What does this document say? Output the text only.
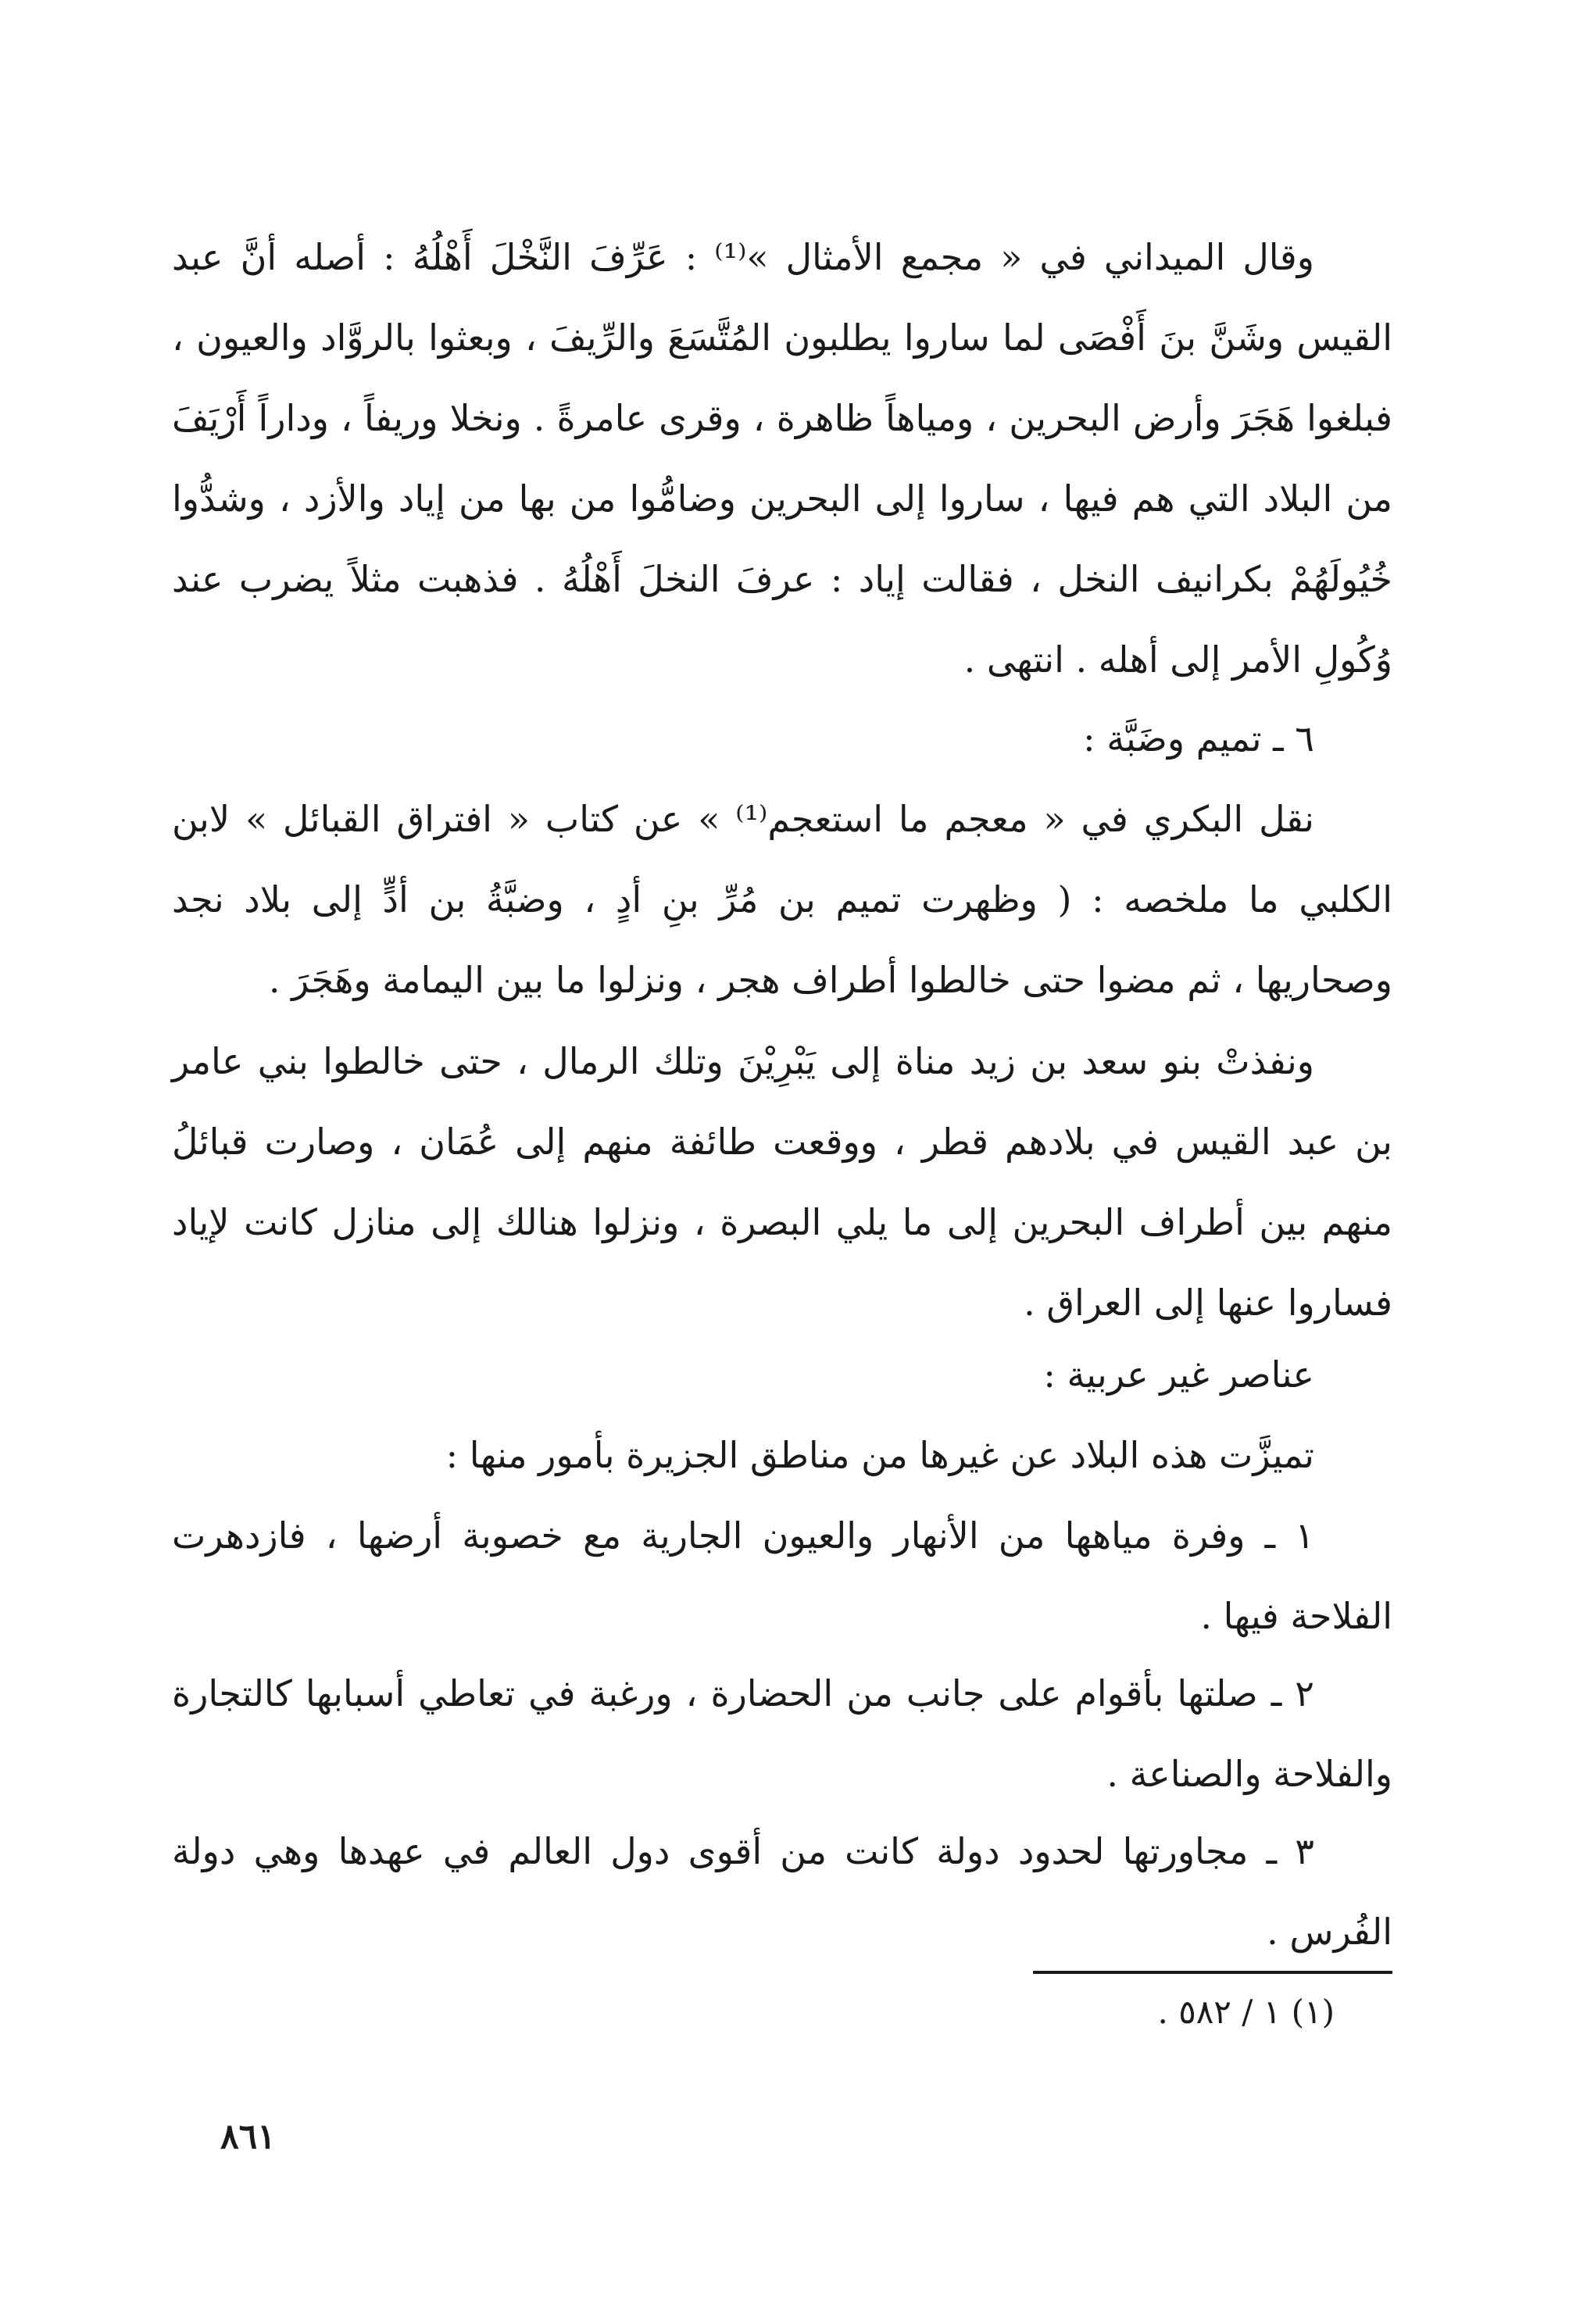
وقال الميداني في « مجمع الأمثال »⁽¹⁾ : عَرِّفَ النَّخْلَ أَهْلُهُ : أصله أنَّ عبد القيس وشَنَّ بنَ أَفْصَى لما ساروا يطلبون المُتَّسَعَ والرِّيفَ ، وبعثوا بالروَّاد والعيون ، فبلغوا هَجَرَ وأرض البحرين ، ومياهاً ظاهرة ، وقرى عامرةً . ونخلا وريفاً ، وداراً أَرْيَفَ من البلاد التي هم فيها ، ساروا إلى البحرين وضامُّوا من بها من إياد والأزد ، وشدُّوا خُيُولَهُمْ بكرانيف النخل ، فقالت إياد : عرفَ النخلَ أَهْلُهُ . فذهبت مثلاً يضرب عند وُكُولِ الأمر إلى أهله . انتهى .

٦ ـ تميم وضَبَّة :

نقل البكري في « معجم ما استعجم⁽¹⁾ » عن كتاب « افتراق القبائل » لابن الكلبي ما ملخصه : ( وظهرت تميم بن مُرِّ بنِ أدٍ ، وضبَّةُ بن أدٍّ إلى بلاد نجد وصحاريها ، ثم مضوا حتى خالطوا أطراف هجر ، ونزلوا ما بين اليمامة وهَجَرَ .

ونفذتْ بنو سعد بن زيد مناة إلى يَبْرِيْنَ وتلك الرمال ، حتى خالطوا بني عامر بن عبد القيس في بلادهم قطر ، ووقعت طائفة منهم إلى عُمَان ، وصارت قبائلُ منهم بين أطراف البحرين إلى ما يلي البصرة ، ونزلوا هنالك إلى منازل كانت لإياد فساروا عنها إلى العراق .

عناصر غير عربية :

تميزَّت هذه البلاد عن غيرها من مناطق الجزيرة بأمور منها :

١ ـ وفرة مياهها من الأنهار والعيون الجارية مع خصوبة أرضها ، فازدهرت الفلاحة فيها .

٢ ـ صلتها بأقوام على جانب من الحضارة ، ورغبة في تعاطي أسبابها كالتجارة والفلاحة والصناعة .

٣ ـ مجاورتها لحدود دولة كانت من أقوى دول العالم في عهدها وهي دولة الفُرس .

(١) ١ / ٥٨٢ .

٨٦١
